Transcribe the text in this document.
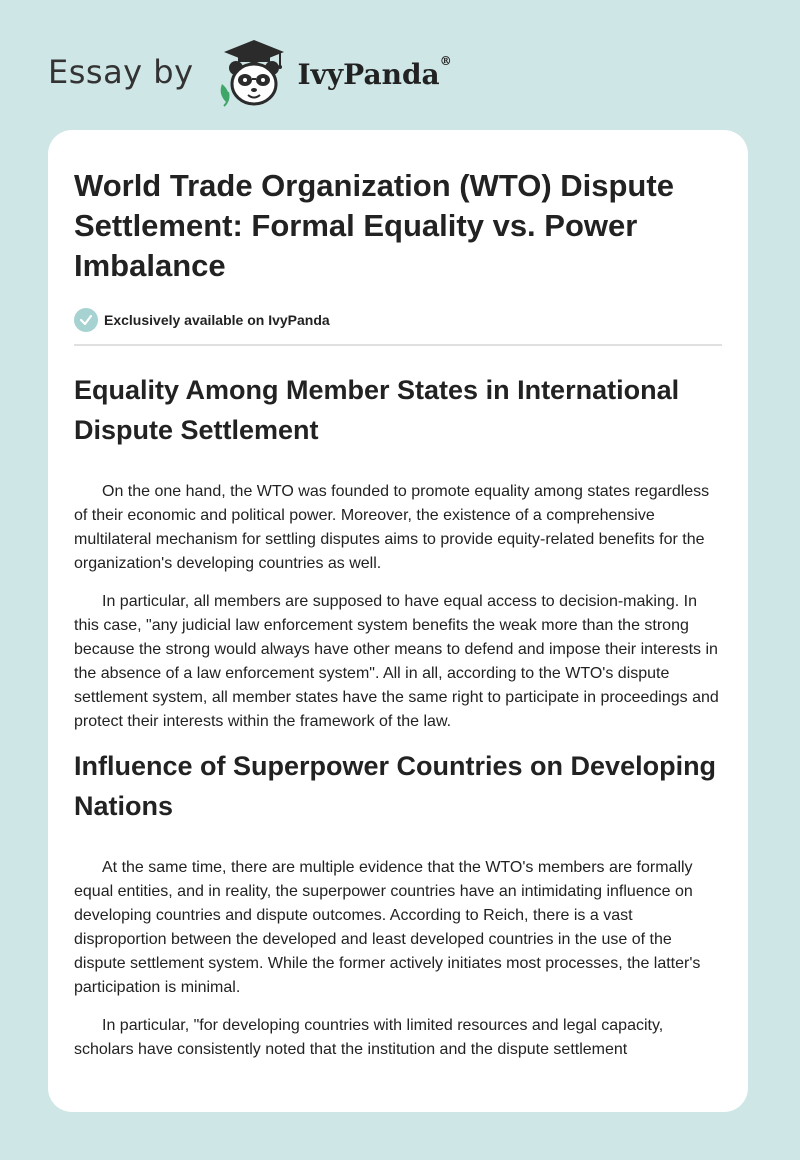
Essay by	IvyPanda®
World Trade Organization (WTO) Dispute Settlement: Formal Equality vs. Power Imbalance
Exclusively available on IvyPanda
Equality Among Member States in International Dispute Settlement

On the one hand, the WTO was founded to promote equality among states regardless of their economic and political power. Moreover, the existence of a comprehensive multilateral mechanism for settling disputes aims to provide equity-related benefits for the organization's developing countries as well.

In particular, all members are supposed to have equal access to decision-making. In this case, "any judicial law enforcement system benefits the weak more than the strong because the strong would always have other means to defend and impose their interests in the absence of a law enforcement system". All in all, according to the WTO's dispute settlement system, all member states have the same right to participate in proceedings and protect their interests within the framework of the law.

Influence of Superpower Countries on Developing Nations

At the same time, there are multiple evidence that the WTO's members are formally equal entities, and in reality, the superpower countries have an intimidating influence on developing countries and dispute outcomes. According to Reich, there is a vast disproportion between the developed and least developed countries in the use of the dispute settlement system. While the former actively initiates most processes, the latter's participation is minimal.

In particular, "for developing countries with limited resources and legal capacity, scholars have consistently noted that the institution and the dispute settlement
